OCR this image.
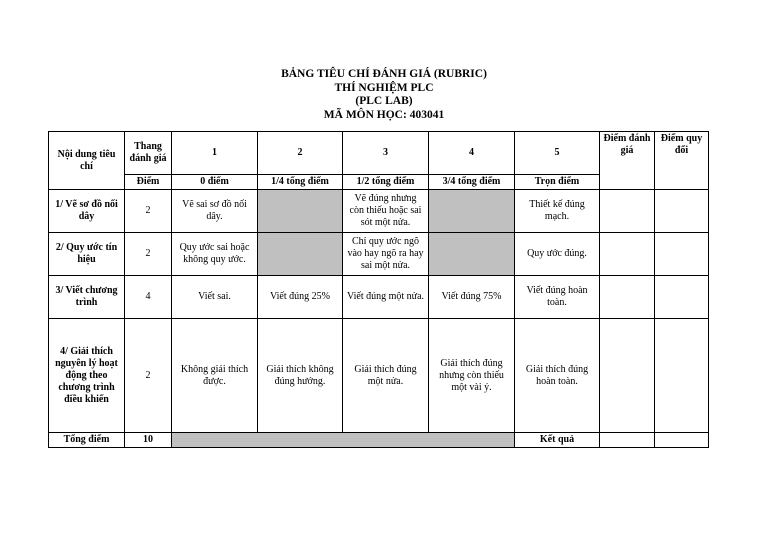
BẢNG TIÊU CHÍ ĐÁNH GIÁ (RUBRIC)
THÍ NGHIỆM PLC
(PLC LAB)
MÃ MÔN HỌC: 403041
Nội dung tiêu chí	Thang đánh giá	1	2	3	4	5	Điểm đánh giá	Điểm quy đổi
	Điểm	0 điểm	1/4 tổng điểm	1/2 tổng điểm	3/4 tổng điểm	Trọn điểm		
1/ Vẽ sơ đồ nối dây	2	Vẽ sai sơ đồ nối dây.		Vẽ đúng nhưng còn thiếu hoặc sai sót một nửa.		Thiết kế đúng mạch.		
2/ Quy ước tín hiệu	2	Quy ước sai hoặc không quy ước.		Chỉ quy ước ngõ vào hay ngõ ra hay sai một nửa.		Quy ước đúng.		
3/ Viết chương trình	4	Viết sai.	Viết đúng 25%	Viết đúng một nửa.	Viết đúng 75%	Viết đúng hoàn toàn.		
4/ Giải thích nguyên lý hoạt động theo chương trình điều khiển	2	Không giải thích được.	Giải thích không đúng hướng.	Giải thích đúng một nửa.	Giải thích đúng nhưng còn thiếu một vài ý.	Giải thích đúng hoàn toàn.		
Tổng điểm	10					Kết quả		
